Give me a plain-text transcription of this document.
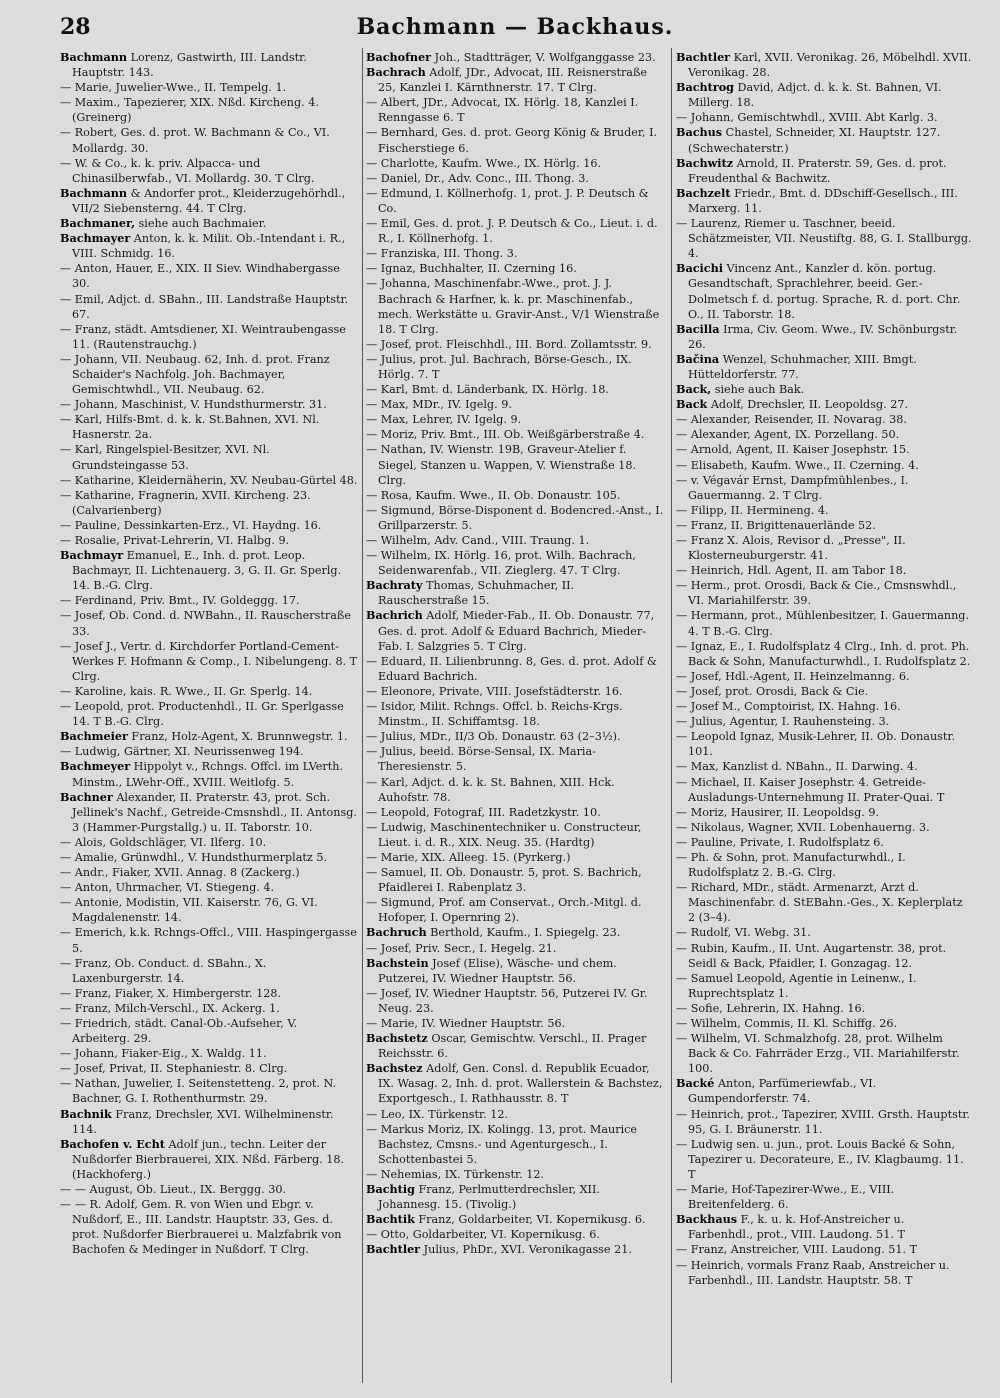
Bachmann — Backhaus.
28

Bachmann Lorenz, Gastwirth, III. Landstr. Hauptstr. 143.

— Marie, Juwelier-Wwe., II. Tempelg. 1.

— Maxim., Tapezierer, XIX. Nßd. Kircheng. 4. (Greinerg)

— Robert, Ges. d. prot. W. Bachmann & Co., VI. Mollardg. 30.

— W. & Co., k. k. priv. Alpacca- und Chinasilberwfab., VI. Mollardg. 30. T Clrg.

Bachmann & Andorfer prot., Kleiderzugehörhdl., VII/2 Siebensterng. 44. T Clrg.

Bachmaner, siehe auch Bachmaier.

Bachmayer Anton, k. k. Milit. Ob.-Intendant i. R., VIII. Schmidg. 16.

— Anton, Hauer, E., XIX. II Siev. Windhabergasse 30.

— Emil, Adjct. d. SBahn., III. Landstraße Hauptstr. 67.

— Franz, städt. Amtsdiener, XI. Weintraubengasse 11. (Rautenstrauchg.)

— Johann, VII. Neubaug. 62, Inh. d. prot. Franz Schaider's Nachfolg. Joh. Bachmayer, Gemischtwhdl., VII. Neubaug. 62.

— Johann, Maschinist, V. Hundsthurmerstr. 31.

— Karl, Hilfs-Bmt. d. k. k. St.Bahnen, XVI. Nl. Hasnerstr. 2a.

— Karl, Ringelspiel-Besitzer, XVI. Nl. Grundsteingasse 53.

— Katharine, Kleidernäherin, XV. Neubau-Gürtel 48.

— Katharine, Fragnerin, XVII. Kircheng. 23. (Calvarienberg)

— Pauline, Dessinkarten-Erz., VI. Haydng. 16.

— Rosalie, Privat-Lehrerin, VI. Halbg. 9.

Bachmayr Emanuel, E., Inh. d. prot. Leop. Bachmayr, II. Lichtenauerg. 3, G. II. Gr. Sperlg. 14. B.-G. Clrg.

— Ferdinand, Priv. Bmt., IV. Goldeggg. 17.

— Josef, Ob. Cond. d. NWBahn., II. Rauscherstraße 33.

— Josef J., Vertr. d. Kirchdorfer Portland-Cement-Werkes F. Hofmann & Comp., I. Nibelungeng. 8. T Clrg.

— Karoline, kais. R. Wwe., II. Gr. Sperlg. 14.

— Leopold, prot. Productenhdl., II. Gr. Sperlgasse 14. T B.-G. Clrg.

Bachmeier Franz, Holz-Agent, X. Brunnwegstr. 1.

— Ludwig, Gärtner, XI. Neurissenweg 194.

Bachmeyer Hippolyt v., Rchngs. Offcl. im LVerth. Minstm., LWehr-Off., XVIII. Weitlofg. 5.

Bachner Alexander, II. Praterstr. 43, prot. Sch. Jellinek's Nachf., Getreide-Cmsnshdl., II. Antonsg. 3 (Hammer-Purgstallg.) u. II. Taborstr. 10.

— Alois, Goldschläger, VI. Ilferg. 10.

— Amalie, Grünwdhl., V. Hundsthurmerplatz 5.

— Andr., Fiaker, XVII. Annag. 8 (Zackerg.)

— Anton, Uhrmacher, VI. Stiegeng. 4.

— Antonie, Modistin, VII. Kaiserstr. 76, G. VI. Magdalenenstr. 14.

— Emerich, k.k. Rchngs-Offcl., VIII. Haspingergasse 5.

— Franz, Ob. Conduct. d. SBahn., X. Laxenburgerstr. 14.

— Franz, Fiaker, X. Himbergerstr. 128.

— Franz, Milch-Verschl., IX. Ackerg. 1.

— Friedrich, städt. Canal-Ob.-Aufseher, V. Arbeiterg. 29.

— Johann, Fiaker-Eig., X. Waldg. 11.

— Josef, Privat, II. Stephaniestr. 8. Clrg.

— Nathan, Juwelier, I. Seitenstetteng. 2, prot. N. Bachner, G. I. Rothenthurmstr. 29.

Bachnik Franz, Drechsler, XVI. Wilhelminenstr. 114.

Bachofen v. Echt Adolf jun., techn. Leiter der Nußdorfer Bierbrauerei, XIX. Nßd. Färberg. 18. (Hackhoferg.)

— — August, Ob. Lieut., IX. Berggg. 30.

— — R. Adolf, Gem. R. von Wien und Ebgr. v. Nußdorf, E., III. Landstr. Hauptstr. 33, Ges. d. prot. Nußdorfer Bierbrauerei u. Malzfabrik von Bachofen & Medinger in Nußdorf. T Clrg.

Bachofner Joh., Stadtträger, V. Wolfganggasse 23.

Bachrach Adolf, JDr., Advocat, III. Reisnerstraße 25, Kanzlei I. Kärnthnerstr. 17. T Clrg.

— Albert, JDr., Advocat, IX. Hörlg. 18, Kanzlei I. Renngasse 6. T

— Bernhard, Ges. d. prot. Georg König & Bruder, I. Fischerstiege 6.

— Charlotte, Kaufm. Wwe., IX. Hörlg. 16.

— Daniel, Dr., Adv. Conc., III. Thong. 3.

— Edmund, I. Köllnerhofg. 1, prot. J. P. Deutsch & Co.

— Emil, Ges. d. prot. J. P. Deutsch & Co., Lieut. i. d. R., I. Köllnerhofg. 1.

— Franziska, III. Thong. 3.

— Ignaz, Buchhalter, II. Czerning 16.

— Johanna, Maschinenfabr.-Wwe., prot. J. J. Bachrach & Harfner, k. k. pr. Maschinenfab., mech. Werkstätte u. Gravir-Anst., V/1 Wienstraße 18. T Clrg.

— Josef, prot. Fleischhdl., III. Bord. Zollamtsstr. 9.

— Julius, prot. Jul. Bachrach, Börse-Gesch., IX. Hörlg. 7. T

— Karl, Bmt. d. Länderbank, IX. Hörlg. 18.

— Max, MDr., IV. Igelg. 9.

— Max, Lehrer, IV. Igelg. 9.

— Moriz, Priv. Bmt., III. Ob. Weißgärberstraße 4.

— Nathan, IV. Wienstr. 19B, Graveur-Atelier f. Siegel, Stanzen u. Wappen, V. Wienstraße 18. Clrg.

— Rosa, Kaufm. Wwe., II. Ob. Donaustr. 105.

— Sigmund, Börse-Disponent d. Bodencred.-Anst., I. Grillparzerstr. 5.

— Wilhelm, Adv. Cand., VIII. Traung. 1.

— Wilhelm, IX. Hörlg. 16, prot. Wilh. Bachrach, Seidenwarenfab., VII. Zieglerg. 47. T Clrg.

Bachraty Thomas, Schuhmacher, II. Rauscherstraße 15.

Bachrich Adolf, Mieder-Fab., II. Ob. Donaustr. 77, Ges. d. prot. Adolf & Eduard Bachrich, Mieder-Fab. I. Salzgries 5. T Clrg.

— Eduard, II. Lilienbrunng. 8, Ges. d. prot. Adolf & Eduard Bachrich.

— Eleonore, Private, VIII. Josefstädterstr. 16.

— Isidor, Milit. Rchngs. Offcl. b. Reichs-Krgs. Minstm., II. Schiffamtsg. 18.

— Julius, MDr., II/3 Ob. Donaustr. 63 (2–3½).

— Julius, beeid. Börse-Sensal, IX. Maria-Theresienstr. 5.

— Karl, Adjct. d. k. k. St. Bahnen, XIII. Hck. Auhofstr. 78.

— Leopold, Fotograf, III. Radetzkystr. 10.

— Ludwig, Maschinentechniker u. Constructeur, Lieut. i. d. R., XIX. Neug. 35. (Hardtg)

— Marie, XIX. Alleeg. 15. (Pyrkerg.)

— Samuel, II. Ob. Donaustr. 5, prot. S. Bachrich, Pfaidlerei I. Rabenplatz 3.

— Sigmund, Prof. am Conservat., Orch.-Mitgl. d. Hofoper, I. Opernring 2).

Bachruch Berthold, Kaufm., I. Spiegelg. 23.

— Josef, Priv. Secr., I. Hegelg. 21.

Bachstein Josef (Elise), Wäsche- und chem. Putzerei, IV. Wiedner Hauptstr. 56.

— Josef, IV. Wiedner Hauptstr. 56, Putzerei IV. Gr. Neug. 23.

— Marie, IV. Wiedner Hauptstr. 56.

Bachstetz Oscar, Gemischtw. Verschl., II. Prager Reichsstr. 6.

Bachstez Adolf, Gen. Consl. d. Republik Ecuador, IX. Wasag. 2, Inh. d. prot. Wallerstein & Bachstez, Exportgesch., I. Rathhausstr. 8. T

— Leo, IX. Türkenstr. 12.

— Markus Moriz, IX. Kolingg. 13, prot. Maurice Bachstez, Cmsns.- und Agenturgesch., I. Schottenbastei 5.

— Nehemias, IX. Türkenstr. 12.

Bachtig Franz, Perlmutterdrechsler, XII. Johannesg. 15. (Tivolig.)

Bachtik Franz, Goldarbeiter, VI. Kopernikusg. 6.

— Otto, Goldarbeiter, VI. Kopernikusg. 6.

Bachtler Julius, PhDr., XVI. Veronikagasse 21.

Bachtler Karl, XVII. Veronikag. 26, Möbelhdl. XVII. Veronikag. 28.

Bachtrog David, Adjct. d. k. k. St. Bahnen, VI. Millerg. 18.

— Johann, Gemischtwhdl., XVIII. Abt Karlg. 3.

Bachus Chastel, Schneider, XI. Hauptstr. 127. (Schwechaterstr.)

Bachwitz Arnold, II. Praterstr. 59, Ges. d. prot. Freudenthal & Bachwitz.

Bachzelt Friedr., Bmt. d. DDschiff-Gesellsch., III. Marxerg. 11.

— Laurenz, Riemer u. Taschner, beeid. Schätzmeister, VII. Neustiftg. 88, G. I. Stallburgg. 4.

Bacichi Vincenz Ant., Kanzler d. kön. portug. Gesandtschaft, Sprachlehrer, beeid. Ger.-Dolmetsch f. d. portug. Sprache, R. d. port. Chr. O., II. Taborstr. 18.

Bacilla Irma, Civ. Geom. Wwe., IV. Schönburgstr. 26.

Bačina Wenzel, Schuhmacher, XIII. Bmgt. Hütteldorferstr. 77.

Back, siehe auch Bak.

Back Adolf, Drechsler, II. Leopoldsg. 27.

— Alexander, Reisender, II. Novarag. 38.

— Alexander, Agent, IX. Porzellang. 50.

— Arnold, Agent, II. Kaiser Josephstr. 15.

— Elisabeth, Kaufm. Wwe., II. Czerning. 4.

— v. Végavár Ernst, Dampfmühlenbes., I. Gauermanng. 2. T Clrg.

— Filipp, II. Hermineng. 4.

— Franz, II. Brigittenauerlände 52.

— Franz X. Alois, Revisor d. „Presse", II. Klosterneuburgerstr. 41.

— Heinrich, Hdl. Agent, II. am Tabor 18.

— Herm., prot. Orosdi, Back & Cie., Cmsnswhdl., VI. Mariahilferstr. 39.

— Hermann, prot., Mühlenbesitzer, I. Gauermanng. 4. T B.-G. Clrg.

— Ignaz, E., I. Rudolfsplatz 4 Clrg., Inh. d. prot. Ph. Back & Sohn, Manufacturwhdl., I. Rudolfsplatz 2.

— Josef, Hdl.-Agent, II. Heinzelmanng. 6.

— Josef, prot. Orosdi, Back & Cie.

— Josef M., Comptoirist, IX. Hahng. 16.

— Julius, Agentur, I. Rauhensteing. 3.

— Leopold Ignaz, Musik-Lehrer, II. Ob. Donaustr. 101.

— Max, Kanzlist d. NBahn., II. Darwing. 4.

— Michael, II. Kaiser Josephstr. 4. Getreide-Ausladungs-Unternehmung II. Prater-Quai. T

— Moriz, Hausirer, II. Leopoldsg. 9.

— Nikolaus, Wagner, XVII. Lobenhauerng. 3.

— Pauline, Private, I. Rudolfsplatz 6.

— Ph. & Sohn, prot. Manufacturwhdl., I. Rudolfsplatz 2. B.-G. Clrg.

— Richard, MDr., städt. Armenarzt, Arzt d. Maschinenfabr. d. StEBahn.-Ges., X. Keplerplatz 2 (3–4).

— Rudolf, VI. Webg. 31.

— Rubin, Kaufm., II. Unt. Augartenstr. 38, prot. Seidl & Back, Pfaidler, I. Gonzagag. 12.

— Samuel Leopold, Agentie in Leinenw., I. Ruprechtsplatz 1.

— Sofie, Lehrerin, IX. Hahng. 16.

— Wilhelm, Commis, II. Kl. Schiffg. 26.

— Wilhelm, VI. Schmalzhofg. 28, prot. Wilhelm Back & Co. Fahrräder Erzg., VII. Mariahilferstr. 100.

Backé Anton, Parfümeriewfab., VI. Gumpendorferstr. 74.

— Heinrich, prot., Tapezirer, XVIII. Grsth. Hauptstr. 95, G. I. Bräunerstr. 11.

— Ludwig sen. u. jun., prot. Louis Backé & Sohn, Tapezirer u. Decorateure, E., IV. Klagbaumg. 11. T

— Marie, Hof-Tapezirer-Wwe., E., VIII. Breitenfelderg. 6.

Backhaus F., k. u. k. Hof-Anstreicher u. Farbenhdl., prot., VIII. Laudong. 51. T

— Franz, Anstreicher, VIII. Laudong. 51. T

— Heinrich, vormals Franz Raab, Anstreicher u. Farbenhdl., III. Landstr. Hauptstr. 58. T
